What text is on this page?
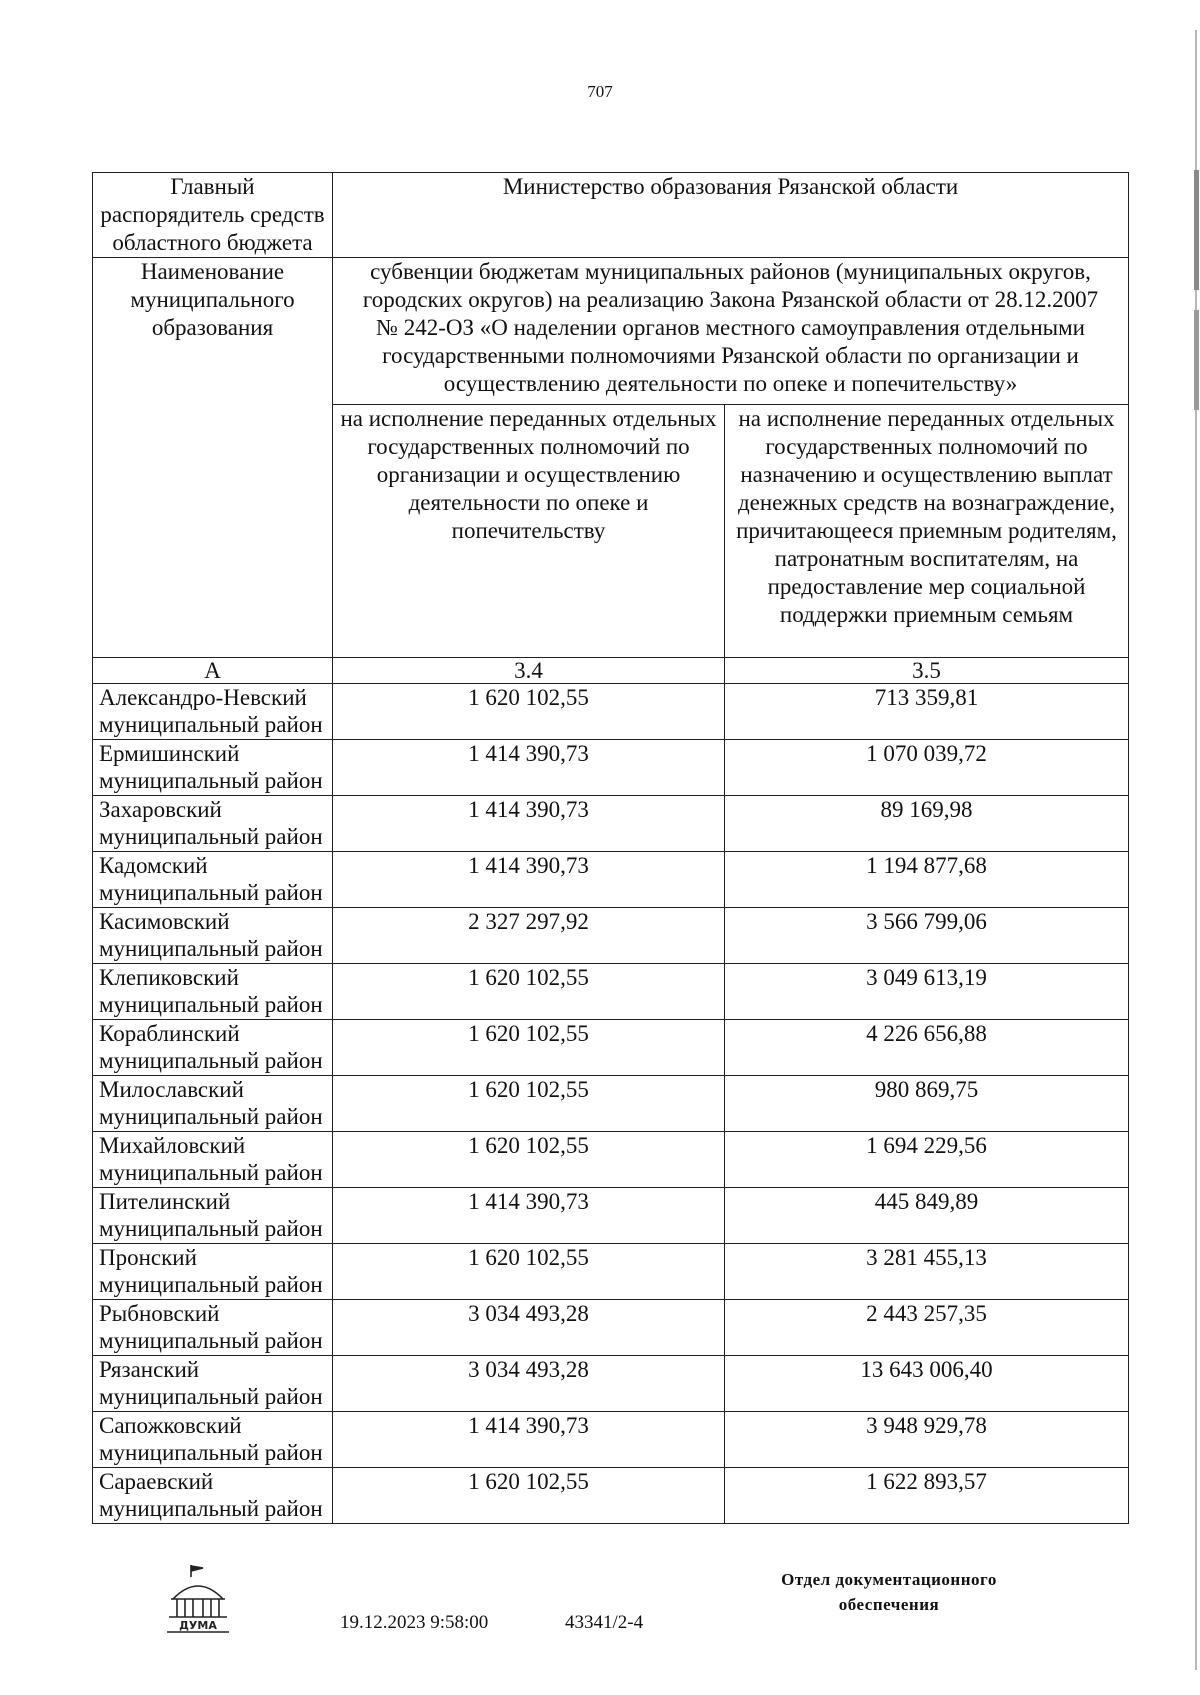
707
Главный распорядитель средств областного бюджета	Министерство образования Рязанской области	
Наименование муниципального образования	субвенции бюджетам муниципальных районов (муниципальных округов, городских округов) на реализацию Закона Рязанской области от 28.12.2007 № 242-ОЗ «О наделении органов местного самоуправления отдельными государственными полномочиями Рязанской области по организации и осуществлению деятельности по опеке и попечительству»	
	на исполнение переданных отдельных государственных полномочий по организации и осуществлению деятельности по опеке и попечительству	на исполнение переданных отдельных государственных полномочий по назначению и осуществлению выплат денежных средств на вознаграждение, причитающееся приемным родителям, патронатным воспитателям, на предоставление мер социальной поддержки приемным семьям
А	3.4	3.5

Александро-Невский
муниципальный район	1 620 102,55	713 359,81

Ермишинский
муниципальный район	1 414 390,73	1 070 039,72

Захаровский
муниципальный район	1 414 390,73	89 169,98

Кадомский
муниципальный район	1 414 390,73	1 194 877,68

Касимовский
муниципальный район	2 327 297,92	3 566 799,06

Клепиковский
муниципальный район	1 620 102,55	3 049 613,19

Кораблинский
муниципальный район	1 620 102,55	4 226 656,88

Милославский
муниципальный район	1 620 102,55	980 869,75

Михайловский
муниципальный район	1 620 102,55	1 694 229,56

Пителинский
муниципальный район	1 414 390,73	445 849,89

Пронский
муниципальный район	1 620 102,55	3 281 455,13

Рыбновский
муниципальный район	3 034 493,28	2 443 257,35

Рязанский
муниципальный район	3 034 493,28	13 643 006,40

Сапожковский
муниципальный район	1 414 390,73	3 948 929,78

Сараевский
муниципальный район	1 620 102,55	1 622 893,57
ДУМА	19.12.2023 9:58:00	43341/2-4
Отдел документационного
обеспечения
